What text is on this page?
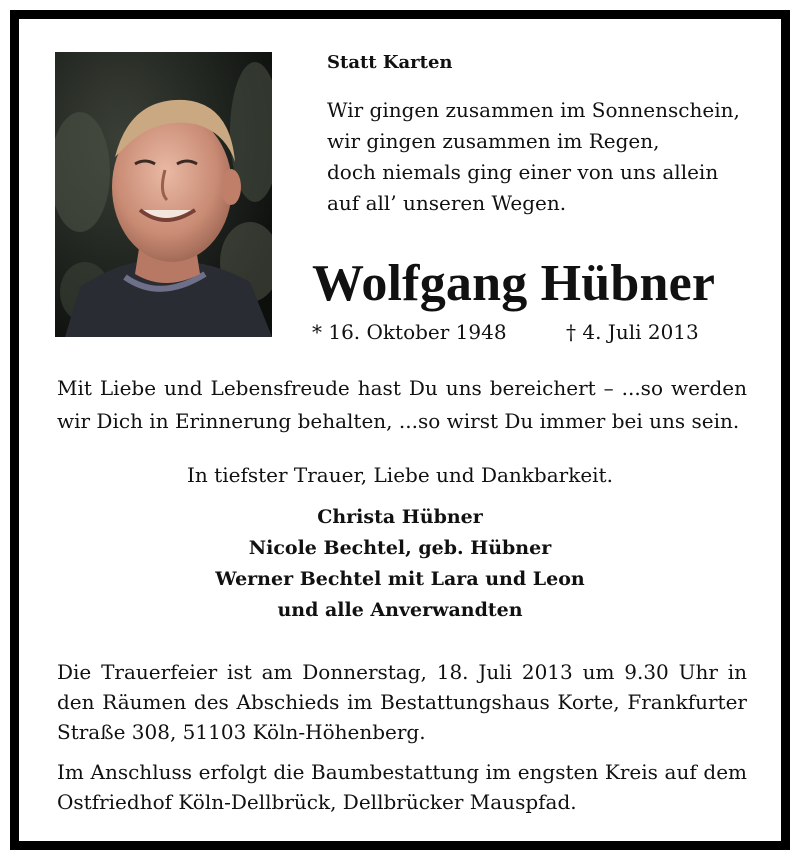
Statt Karten
Wir gingen zusammen im Sonnenschein,
wir gingen zusammen im Regen,
doch niemals ging einer von uns allein
auf all’ unseren Wegen.
Wolfgang Hübner
* 16. Oktober 1948	† 4. Juli 2013
Mit Liebe und Lebensfreude hast Du uns bereichert – ...so werden wir Dich in Erinnerung behalten, ...so wirst Du immer bei uns sein.
In tiefster Trauer, Liebe und Dankbarkeit.
Christa Hübner
Nicole Bechtel, geb. Hübner
Werner Bechtel mit Lara und Leon
und alle Anverwandten
Die Trauerfeier ist am Donnerstag, 18. Juli 2013 um 9.30 Uhr in den Räumen des Abschieds im Bestattungshaus Korte, Frankfurter Straße 308, 51103 Köln-Höhenberg.
Im Anschluss erfolgt die Baumbestattung im engsten Kreis auf dem Ostfriedhof Köln-Dellbrück, Dellbrücker Mauspfad.
